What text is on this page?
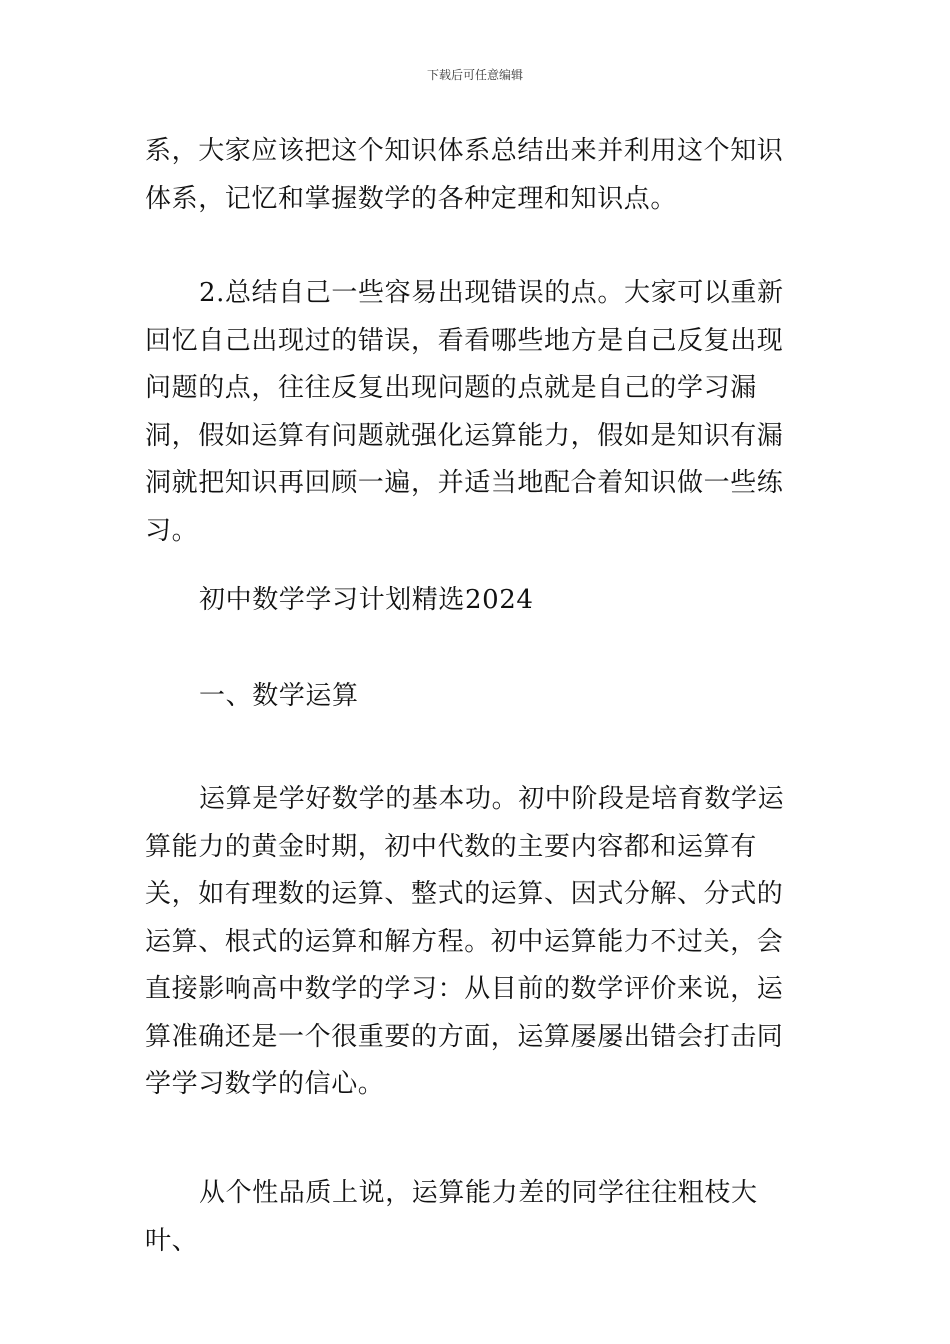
下载后可任意编辑

系，大家应该把这个知识体系总结出来并利用这个知识体系，记忆和掌握数学的各种定理和知识点。

2.总结自己一些容易出现错误的点。大家可以重新回忆自己出现过的错误，看看哪些地方是自己反复出现问题的点，往往反复出现问题的点就是自己的学习漏洞，假如运算有问题就强化运算能力，假如是知识有漏洞就把知识再回顾一遍，并适当地配合着知识做一些练习。

初中数学学习计划精选2024

一、数学运算

运算是学好数学的基本功。初中阶段是培育数学运算能力的黄金时期，初中代数的主要内容都和运算有关，如有理数的运算、整式的运算、因式分解、分式的运算、根式的运算和解方程。初中运算能力不过关，会直接影响高中数学的学习：从目前的数学评价来说，运算准确还是一个很重要的方面，运算屡屡出错会打击同学学习数学的信心。

从个性品质上说，运算能力差的同学往往粗枝大叶、
